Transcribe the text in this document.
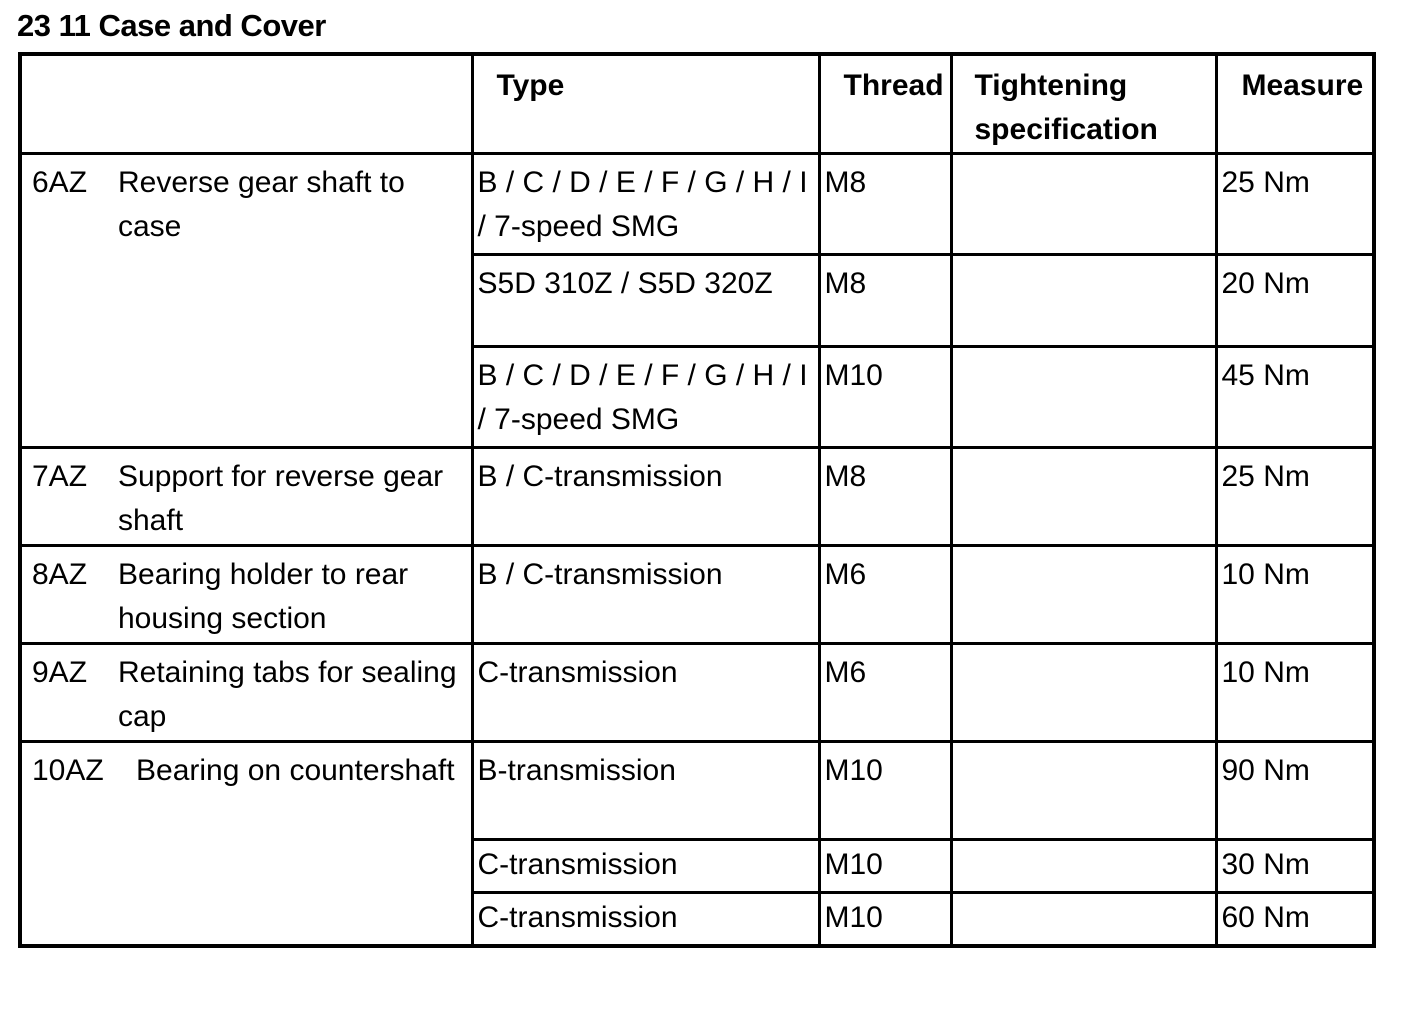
23 11 Case and Cover

	Type	Thread	Tightening specification	Measure

6AZ Reverse gear shaft to case	B / C / D / E / F / G / H / I / 7-speed SMG	M8		25 Nm

	S5D 310Z / S5D 320Z	M8		20 Nm

	B / C / D / E / F / G / H / I / 7-speed SMG	M10		45 Nm

7AZ Support for reverse gear shaft	B / C-transmission	M8		25 Nm

8AZ Bearing holder to rear housing section	B / C-transmission	M6		10 Nm

9AZ Retaining tabs for sealing cap	C-transmission	M6		10 Nm

10AZ Bearing on countershaft	B-transmission	M10		90 Nm

	C-transmission	M10		30 Nm

	C-transmission	M10		60 Nm
